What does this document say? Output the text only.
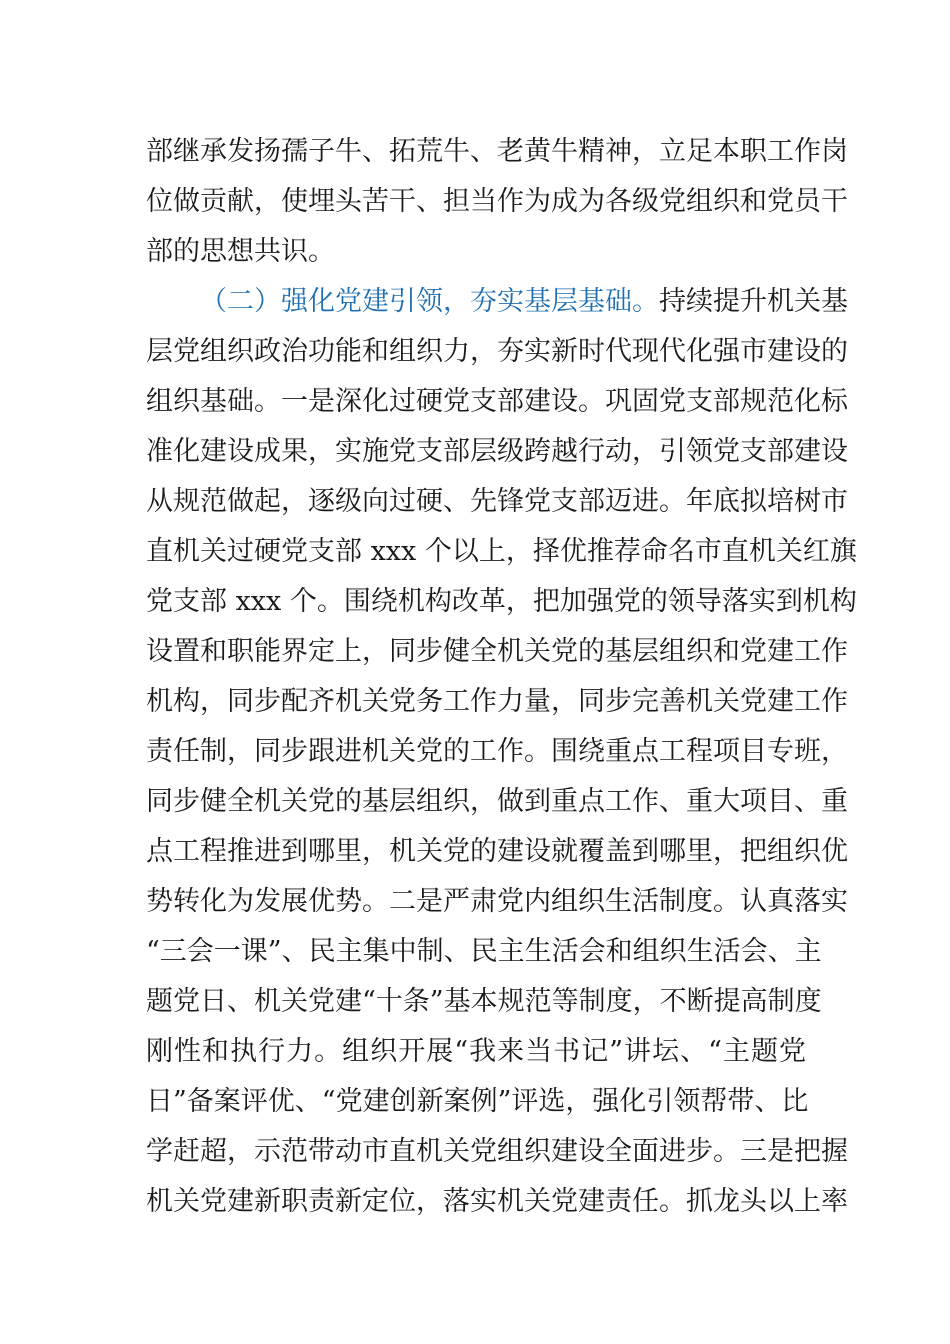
部继承发扬孺子牛、拓荒牛、老黄牛精神，立足本职工作岗
位做贡献，使埋头苦干、担当作为成为各级党组织和党员干
部的思想共识。
（二）强化党建引领，夯实基层基础。持续提升机关基
层党组织政治功能和组织力，夯实新时代现代化强市建设的
组织基础。一是深化过硬党支部建设。巩固党支部规范化标
准化建设成果，实施党支部层级跨越行动，引领党支部建设
从规范做起，逐级向过硬、先锋党支部迈进。年底拟培树市
直机关过硬党支部 xxx 个以上，择优推荐命名市直机关红旗
党支部 xxx 个。围绕机构改革，把加强党的领导落实到机构
设置和职能界定上，同步健全机关党的基层组织和党建工作
机构，同步配齐机关党务工作力量，同步完善机关党建工作
责任制，同步跟进机关党的工作。围绕重点工程项目专班，
同步健全机关党的基层组织，做到重点工作、重大项目、重
点工程推进到哪里，机关党的建设就覆盖到哪里，把组织优
势转化为发展优势。二是严肃党内组织生活制度。认真落实
“三会一课”、民主集中制、民主生活会和组织生活会、主
题党日、机关党建“十条”基本规范等制度，不断提高制度
刚性和执行力。组织开展“我来当书记”讲坛、“主题党
日”备案评优、“党建创新案例”评选，强化引领帮带、比
学赶超，示范带动市直机关党组织建设全面进步。三是把握
机关党建新职责新定位，落实机关党建责任。抓龙头以上率
